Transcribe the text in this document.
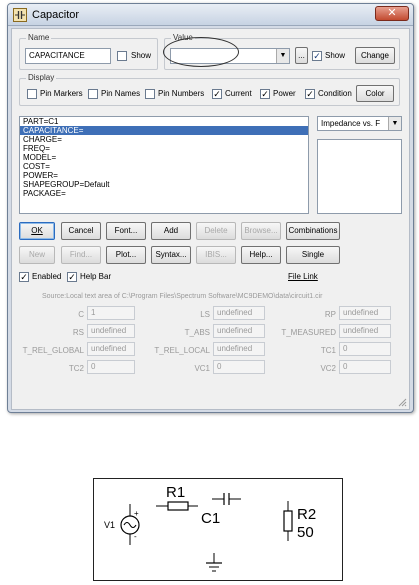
Capacitor	✕
Name
CAPACITANCE	Show
Value
▼	... ✓ Show	Change
Display
Pin Markers Pin Names Pin Numbers ✓ Current ✓ Power ✓ Condition	Color
PART=C1
CAPACITANCE=
CHARGE=
FREQ=
MODEL=
COST=
POWER=
SHAPEGROUP=Default
PACKAGE=
Impedance vs. F	▼
OK	Cancel	Font...	Add	Delete	Browse...	Combinations
New	Find...	Plot...	Syntax...	IBIS...	Help...	Single
✓ Enabled ✓ Help Bar	File Link
Source:Local text area of C:\Program Files\Spectrum Software\MC9DEMO\data\circuit1.cir
C 1	LS undefined	RP undefined
RS undefined	T_ABS undefined	T_MEASURED undefined
T_REL_GLOBAL undefined	T_REL_LOCAL undefined	TC1 0
TC2 0	VC1 0	VC2 0
V1
+
-
R1
C1	R2
50
